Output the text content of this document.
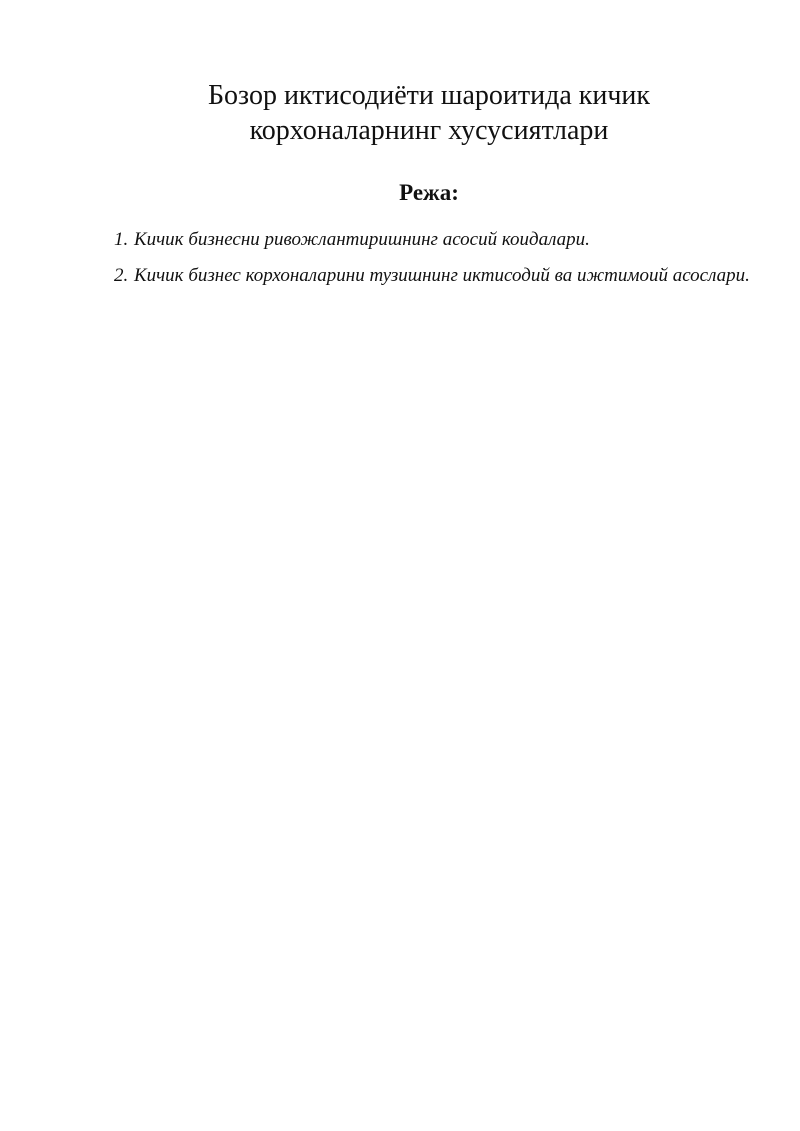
Бозор иктисодиёти шароитида кичик
корхоналарнинг хусусиятлари
Режа:
1. Кичик бизнесни ривожлантиришнинг асосий коидалари.
2. Кичик бизнес корхоналарини тузишнинг иктисодий ва ижтимоий асослари.
